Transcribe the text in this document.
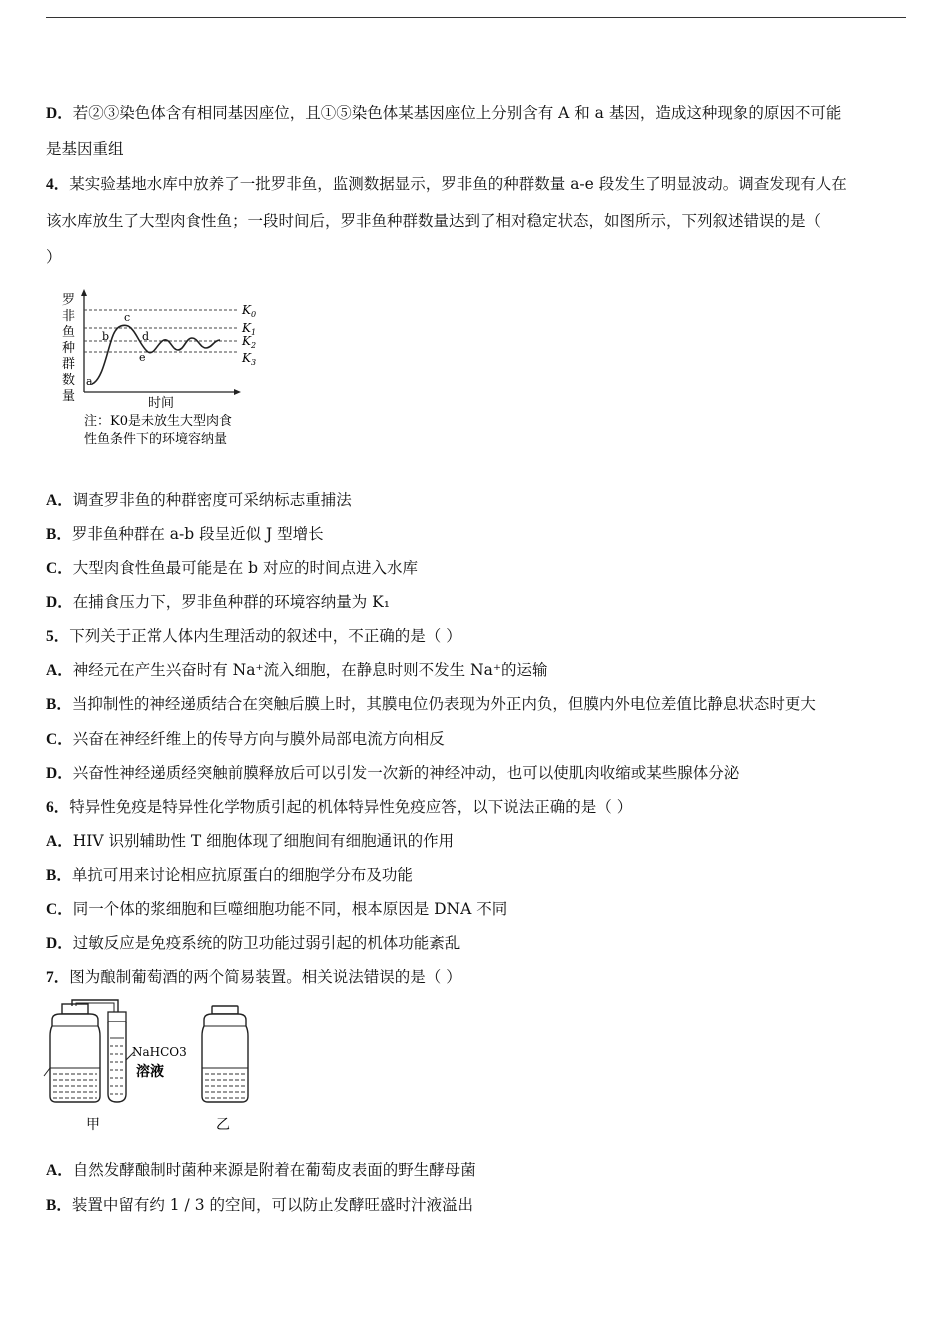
D．若②③染色体含有相同基因座位，且①⑤染色体某基因座位上分别含有 A 和 a 基因，造成这种现象的原因不可能
是基因重组
4．某实验基地水库中放养了一批罗非鱼，监测数据显示，罗非鱼的种群数量 a-e 段发生了明显波动。调查发现有人在
该水库放生了大型肉食性鱼；一段时间后，罗非鱼种群数量达到了相对稳定状态，如图所示，下列叙述错误的是（
）
罗
非
鱼
种
群
数
量
a
b
c
d
e
$K_0$
$K_1$
$K_2$
$K_3$
时间
注：K0是未放生大型肉食
性鱼条件下的环境容纳量
A．调查罗非鱼的种群密度可采纳标志重捕法
B．罗非鱼种群在 a-b 段呈近似 J 型增长
C．大型肉食性鱼最可能是在 b 对应的时间点进入水库
D．在捕食压力下，罗非鱼种群的环境容纳量为 K₁
5．下列关于正常人体内生理活动的叙述中，不正确的是（ ）
A．神经元在产生兴奋时有 Na⁺流入细胞，在静息时则不发生 Na⁺的运输
B．当抑制性的神经递质结合在突触后膜上时，其膜电位仍表现为外正内负，但膜内外电位差值比静息状态时更大
C．兴奋在神经纤维上的传导方向与膜外局部电流方向相反
D．兴奋性神经递质经突触前膜释放后可以引发一次新的神经冲动，也可以使肌肉收缩或某些腺体分泌
6．特异性免疫是特异性化学物质引起的机体特异性免疫应答，以下说法正确的是（ ）
A．HIV 识别辅助性 T 细胞体现了细胞间有细胞通讯的作用
B．单抗可用来讨论相应抗原蛋白的细胞学分布及功能
C．同一个体的浆细胞和巨噬细胞功能不同，根本原因是 DNA 不同
D．过敏反应是免疫系统的防卫功能过弱引起的机体功能紊乱
7．图为酿制葡萄酒的两个简易装置。相关说法错误的是（ ）
NaHCO3
溶液
甲	乙
A．自然发酵酿制时菌种来源是附着在葡萄皮表面的野生酵母菌
B．装置中留有约 1 / 3 的空间，可以防止发酵旺盛时汁液溢出
